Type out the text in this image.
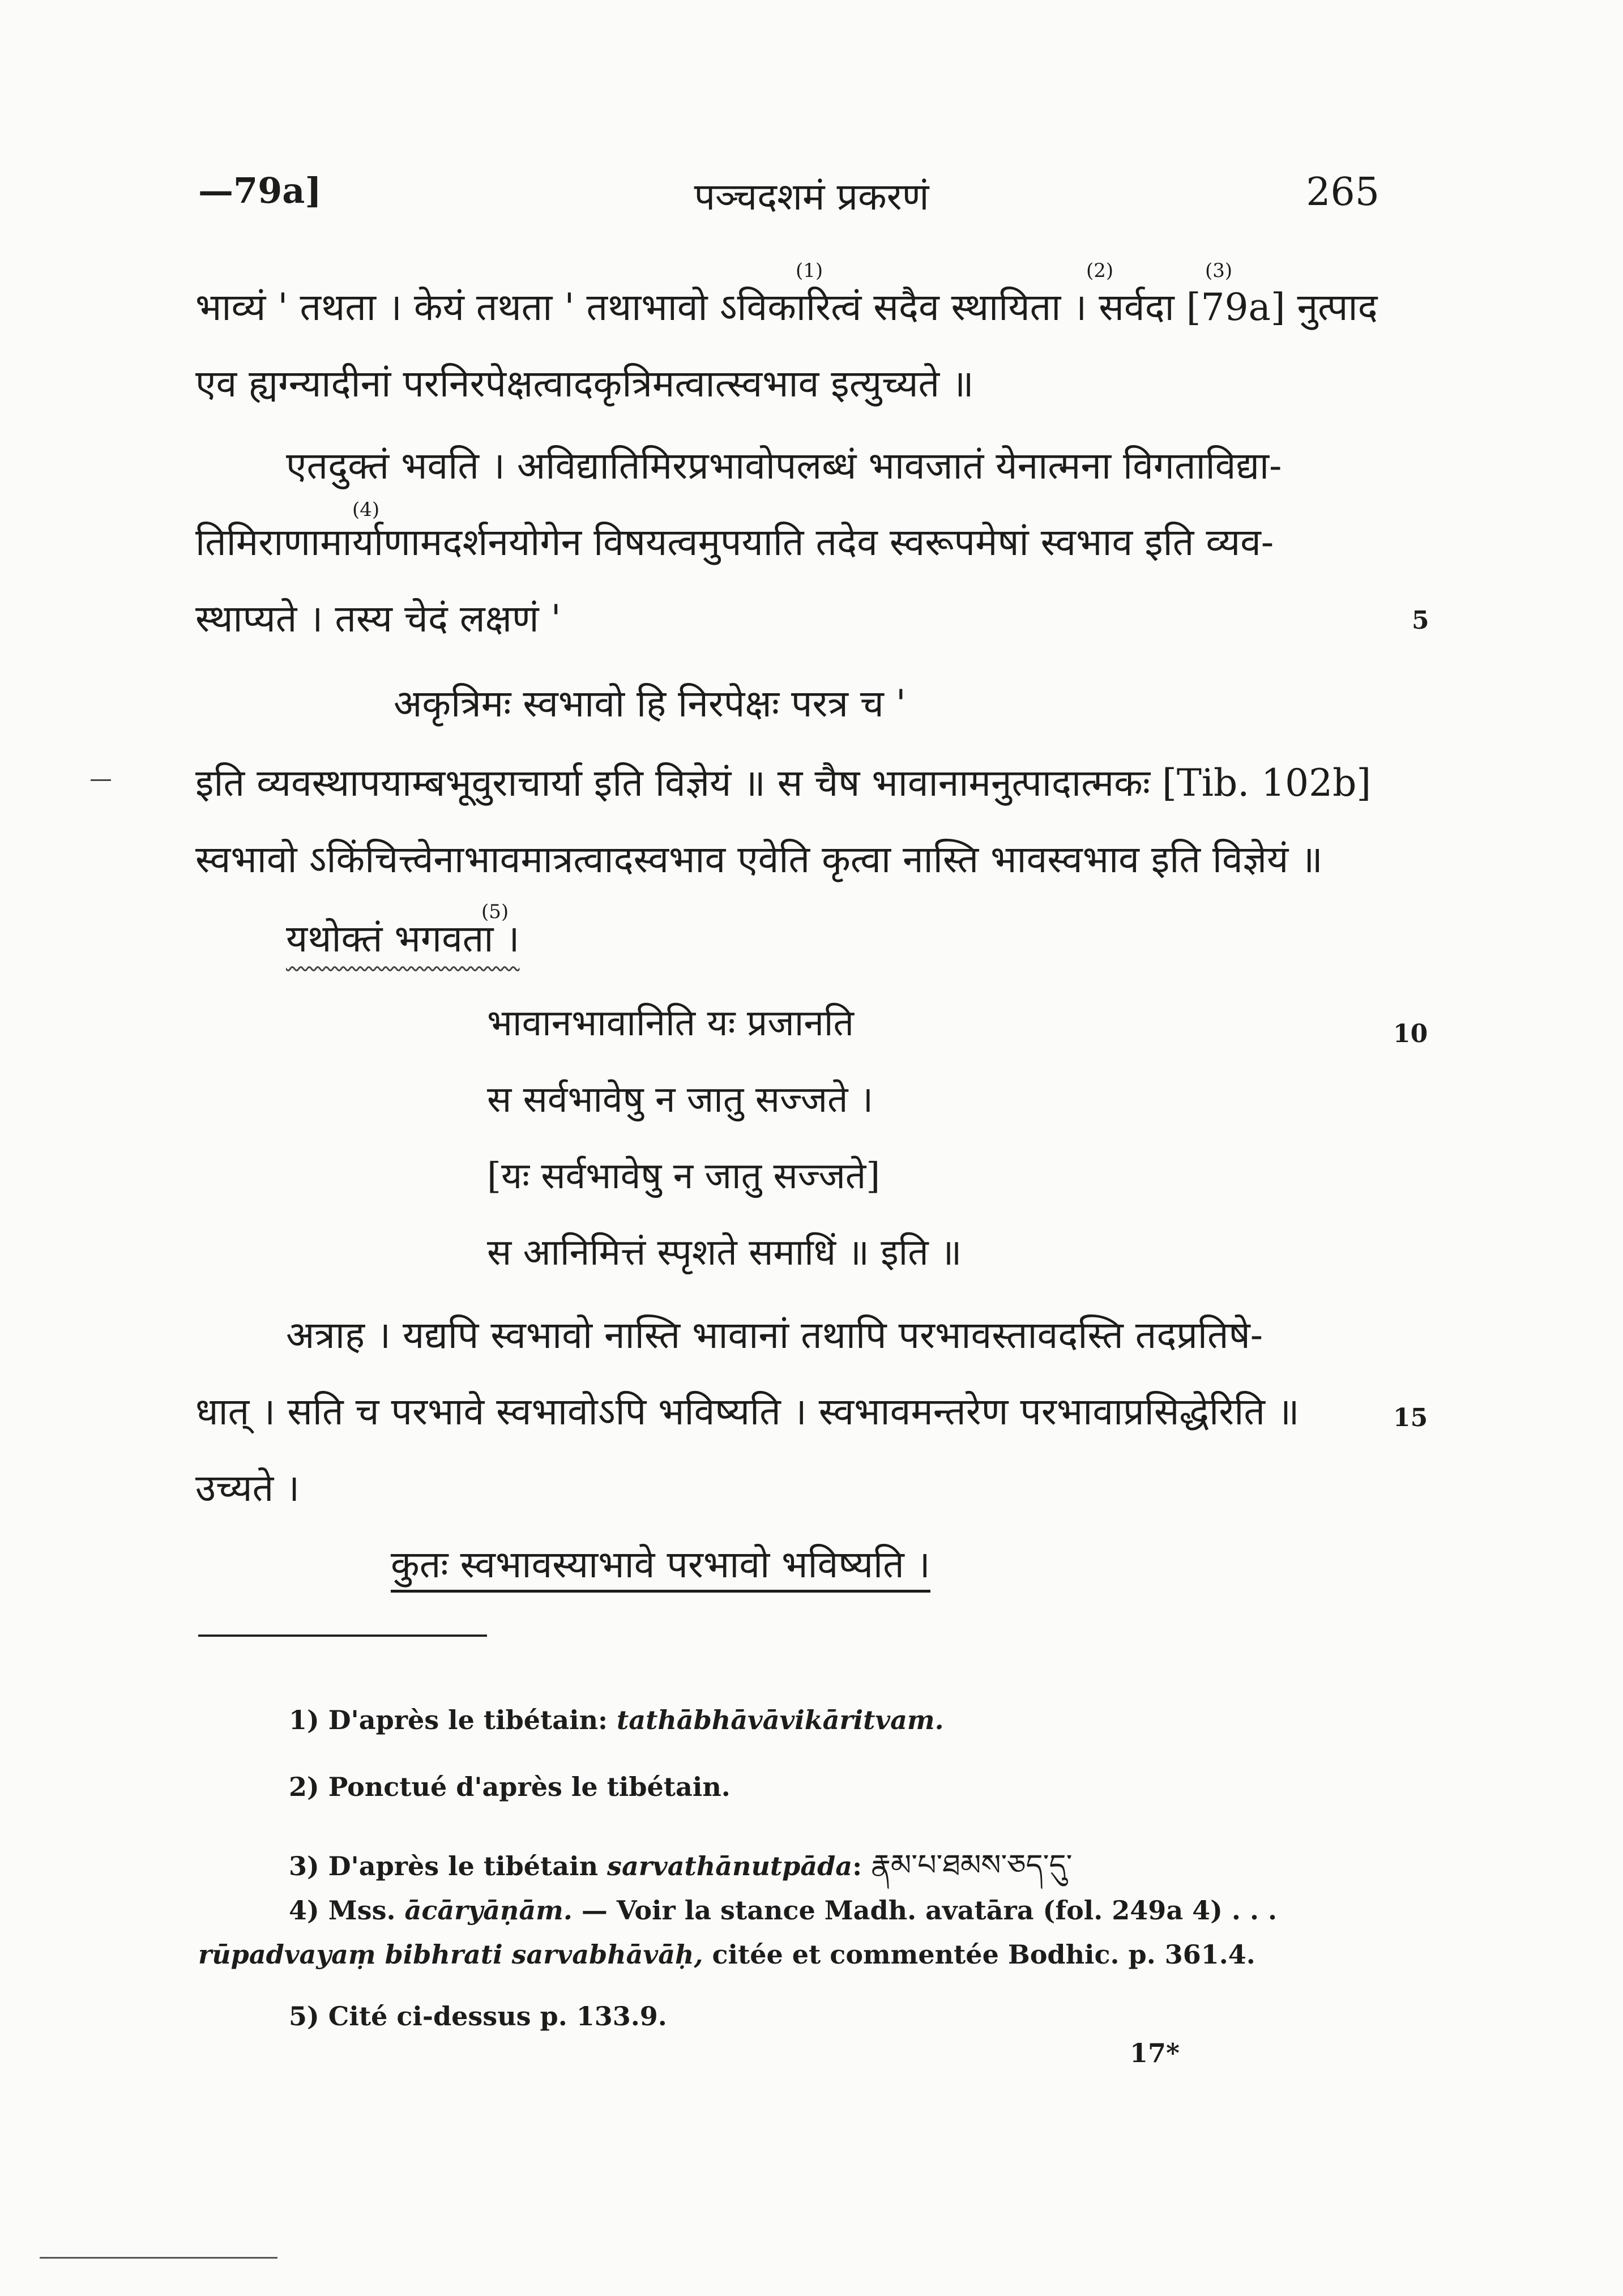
—79a]	पञ्चदशमं प्रकरणं	265
(1)	(2)	(3)
(4)
(5)
भाव्यं ' तथता । केयं तथता ' तथाभावो ऽविकारित्वं सदैव स्थायिता । सर्वदा [79a] नुत्पाद
एव ह्यग्न्यादीनां परनिरपेक्षत्वादकृत्रिमत्वात्स्वभाव इत्युच्यते ॥
एतदुक्तं भवति । अविद्यातिमिरप्रभावोपलब्धं भावजातं येनात्मना विगताविद्या-
तिमिराणामार्याणामदर्शनयोगेन विषयत्वमुपयाति तदेव स्वरूपमेषां स्वभाव इति व्यव-
स्थाप्यते । तस्य चेदं लक्षणं '	5
अकृत्रिमः स्वभावो हि निरपेक्षः परत्र च '
इति व्यवस्थापयाम्बभूवुराचार्या इति विज्ञेयं ॥ स चैष भावानामनुत्पादात्मकः [Tib. 102b]
स्वभावो ऽकिंचित्त्वेनाभावमात्रत्वादस्वभाव एवेति कृत्वा नास्ति भावस्वभाव इति विज्ञेयं ॥
यथोक्तं भगवता ।
भावानभावानिति यः प्रजानति	10
स सर्वभावेषु न जातु सज्जते ।
[यः सर्वभावेषु न जातु सज्जते]
स आनिमित्तं स्पृशते समाधिं ॥ इति ॥
अत्राह । यद्यपि स्वभावो नास्ति भावानां तथापि परभावस्तावदस्ति तदप्रतिषे-
धात् । सति च परभावे स्वभावोऽपि भविष्यति । स्वभावमन्तरेण परभावाप्रसिद्धेरिति ॥	15
उच्यते ।
कुतः स्वभावस्याभावे परभावो भविष्यति ।
1) D'après le tibétain: tathābhāvāvikāritvam.
2) Ponctué d'après le tibétain.
3) D'après le tibétain sarvathānutpāda: རྣམ་པ་ཐམས་ཅད་དུ་
4) Mss. ācāryāṇām. — Voir la stance Madh. avatāra (fol. 249a 4) . . .
rūpadvayaṃ bibhrati sarvabhāvāḥ, citée et commentée Bodhic. p. 361.4.
5) Cité ci-dessus p. 133.9.
17*
